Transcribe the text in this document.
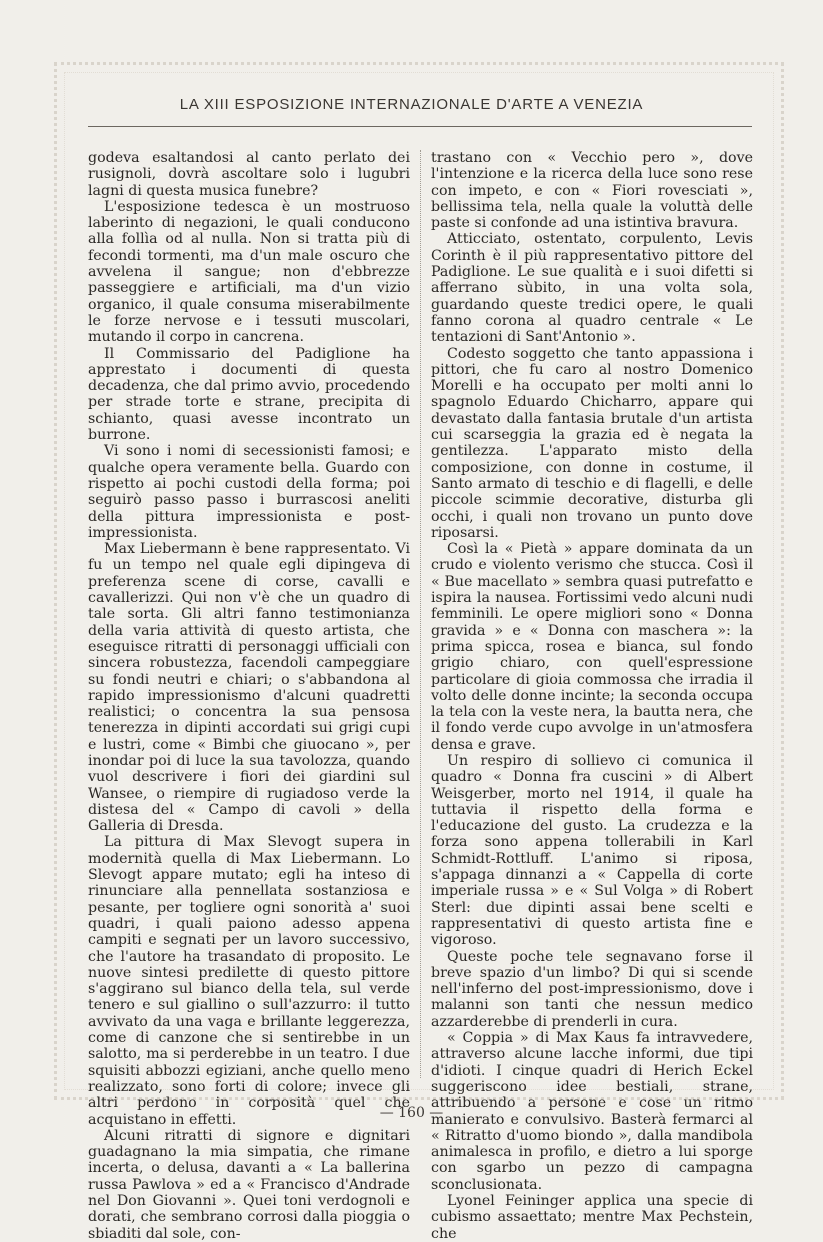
LA XIII ESPOSIZIONE INTERNAZIONALE D'ARTE A VENEZIA

godeva esaltandosi al canto perlato dei rusignoli, dovrà ascoltare solo i lugubri lagni di questa musica funebre?

L'esposizione tedesca è un mostruoso laberinto di negazioni, le quali conducono alla follìa od al nulla. Non si tratta più di fecondi tormenti, ma d'un male oscuro che avvelena il sangue; non d'ebbrezze passeggiere e artificiali, ma d'un vizio organico, il quale consuma miserabilmente le forze nervose e i tessuti muscolari, mutando il corpo in cancrena.

Il Commissario del Padiglione ha apprestato i documenti di questa decadenza, che dal primo avvio, procedendo per strade torte e strane, precipita di schianto, quasi avesse incontrato un burrone.

Vi sono i nomi di secessionisti famosi; e qualche opera veramente bella. Guardo con rispetto ai pochi custodi della forma; poi seguirò passo passo i burrascosi aneliti della pittura impressionista e post-impressionista.

Max Liebermann è bene rappresentato. Vi fu un tempo nel quale egli dipingeva di preferenza scene di corse, cavalli e cavallerizzi. Qui non v'è che un quadro di tale sorta. Gli altri fanno testimonianza della varia attività di questo artista, che eseguisce ritratti di personaggi ufficiali con sincera robustezza, facendoli campeggiare su fondi neutri e chiari; o s'abbandona al rapido impressionismo d'alcuni quadretti realistici; o concentra la sua pensosa tenerezza in dipinti accordati sui grigi cupi e lustri, come « Bimbi che giuocano », per inondar poi di luce la sua tavolozza, quando vuol descrivere i fiori dei giardini sul Wansee, o riempire di rugiadoso verde la distesa del « Campo di cavoli » della Galleria di Dresda.

La pittura di Max Slevogt supera in modernità quella di Max Liebermann. Lo Slevogt appare mutato; egli ha inteso di rinunciare alla pennellata sostanziosa e pesante, per togliere ogni sonorità a' suoi quadri, i quali paiono adesso appena campiti e segnati per un lavoro successivo, che l'autore ha trasandato di proposito. Le nuove sintesi predilette di questo pittore s'aggirano sul bianco della tela, sul verde tenero e sul giallino o sull'azzurro: il tutto avvivato da una vaga e brillante leggerezza, come di canzone che si sentirebbe in un salotto, ma si perderebbe in un teatro. I due squisiti abbozzi egiziani, anche quello meno realizzato, sono forti di colore; invece gli altri perdono in corposità quel che acquistano in effetti.

Alcuni ritratti di signore e dignitari guadagnano la mia simpatia, che rimane incerta, o delusa, davanti a « La ballerina russa Pawlova » ed a « Francisco d'Andrade nel Don Giovanni ». Quei toni verdognoli e dorati, che sembrano corrosi dalla pioggia o sbiaditi dal sole, con-

trastano con « Vecchio pero », dove l'intenzione e la ricerca della luce sono rese con impeto, e con « Fiori rovesciati », bellissima tela, nella quale la voluttà delle paste si confonde ad una istintiva bravura.

Atticciato, ostentato, corpulento, Levis Corinth è il più rappresentativo pittore del Padiglione. Le sue qualità e i suoi difetti si afferrano sùbito, in una volta sola, guardando queste tredici opere, le quali fanno corona al quadro centrale « Le tentazioni di Sant'Antonio ».

Codesto soggetto che tanto appassiona i pittori, che fu caro al nostro Domenico Morelli e ha occupato per molti anni lo spagnolo Eduardo Chicharro, appare qui devastato dalla fantasia brutale d'un artista cui scarseggia la grazia ed è negata la gentilezza. L'apparato misto della composizione, con donne in costume, il Santo armato di teschio e di flagelli, e delle piccole scimmie decorative, disturba gli occhi, i quali non trovano un punto dove riposarsi.

Così la « Pietà » appare dominata da un crudo e violento verismo che stucca. Così il « Bue macellato » sembra quasi putrefatto e ispira la nausea. Fortissimi vedo alcuni nudi femminili. Le opere migliori sono « Donna gravida » e « Donna con maschera »: la prima spicca, rosea e bianca, sul fondo grigio chiaro, con quell'espressione particolare di gioia commossa che irradia il volto delle donne incinte; la seconda occupa la tela con la veste nera, la bautta nera, che il fondo verde cupo avvolge in un'atmosfera densa e grave.

Un respiro di sollievo ci comunica il quadro « Donna fra cuscini » di Albert Weisgerber, morto nel 1914, il quale ha tuttavia il rispetto della forma e l'educazione del gusto. La crudezza e la forza sono appena tollerabili in Karl Schmidt-Rottluff. L'animo si riposa, s'appaga dinnanzi a « Cappella di corte imperiale russa » e « Sul Volga » di Robert Sterl: due dipinti assai bene scelti e rappresentativi di questo artista fine e vigoroso.

Queste poche tele segnavano forse il breve spazio d'un limbo? Di qui si scende nell'inferno del post-impressionismo, dove i malanni son tanti che nessun medico azzarderebbe di prenderli in cura.

« Coppia » di Max Kaus fa intravvedere, attraverso alcune lacche informi, due tipi d'idioti. I cinque quadri di Herich Eckel suggeriscono idee bestiali, strane, attribuendo a persone e cose un ritmo manierato e convulsivo. Basterà fermarci al « Ritratto d'uomo biondo », dalla mandibola animalesca in profilo, e dietro a lui sporge con sgarbo un pezzo di campagna sconclusionata.

Lyonel Feininger applica una specie di cubismo assaettato; mentre Max Pechstein, che

— 160 —
